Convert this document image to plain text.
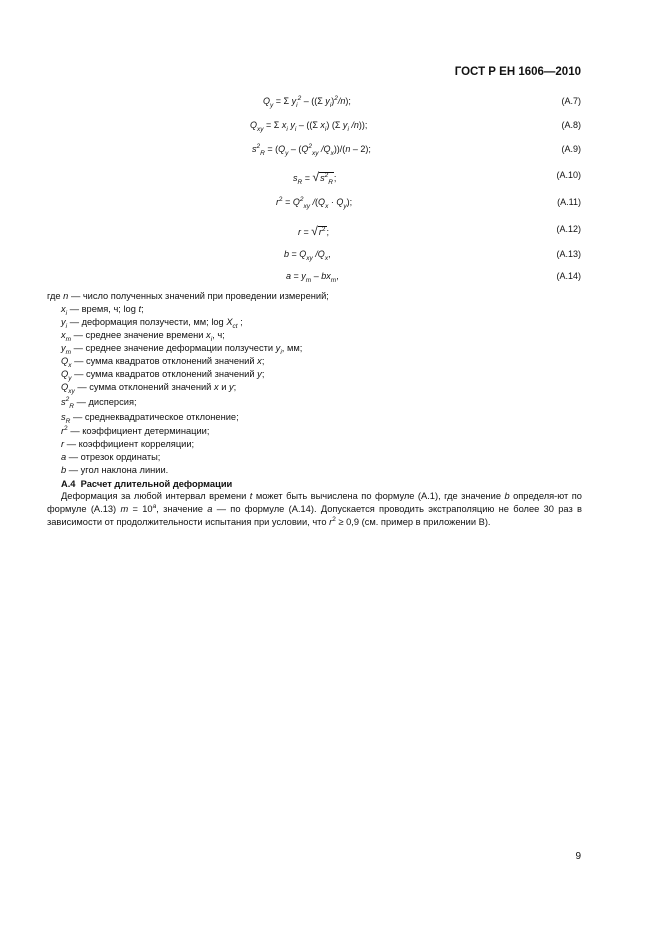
ГОСТ Р ЕН 1606—2010
$Q_y = \Sigma$ $y_i^2 - ((\Sigma$ $y_i)^2/n$);	(А.7)
$Q_{xy} = \Sigma$ $x_i$ $y_i - ((\Sigma$ $x_i$) (Σ $y_i$ /n));	(А.8)
$s^2_R = (Q_y - (Q^2_{xy}$ $/Q_x))/(n - 2)$;	(А.9)
$s_R = √s^2_R$;	(А.10)
$r^2 = Q^2_{xy}$ $/(Q_x \cdot Q_y)$;	(А.11)
$r = √r^2$;	(А.12)
$b = Q_{xy}$ $/Q_x$,	(А.13)
$a = y_m - bx_m$,	(А.14)
где n — число полученных значений при проведении измерений;
$x_i$ — время, ч; log t;
$y_i$ — деформация ползучести, мм; $\log X_{ct}$ ;
$x_m$ — среднее значение времени $x_i$, ч;
$y_m$ — среднее значение деформации ползучести $y_i$, мм;
$Q_x$ — сумма квадратов отклонений значений x;
$Q_y$ — сумма квадратов отклонений значений y;
$Q_{xy}$ — сумма отклонений значений x и y;
$s^2_R$ — дисперсия;
$s_R$ — среднеквадратическое отклонение;
$r^2$ — коэффициент детерминации;
r — коэффициент корреляции;
a — отрезок ординаты;
b — угол наклона линии.
А.4 Расчет длительной деформации
Деформация за любой интервал времени t может быть вычислена по формуле (А.1), где значение b определя-ют по формуле (А.13) $m = 10^a$, значение a — по формуле (А.14). Допускается проводить экстраполяцию не более 30 раз в зависимости от продолжительности испытания при условии, что $r^2 \ge 0,9$ (см. пример в приложении В).
9
